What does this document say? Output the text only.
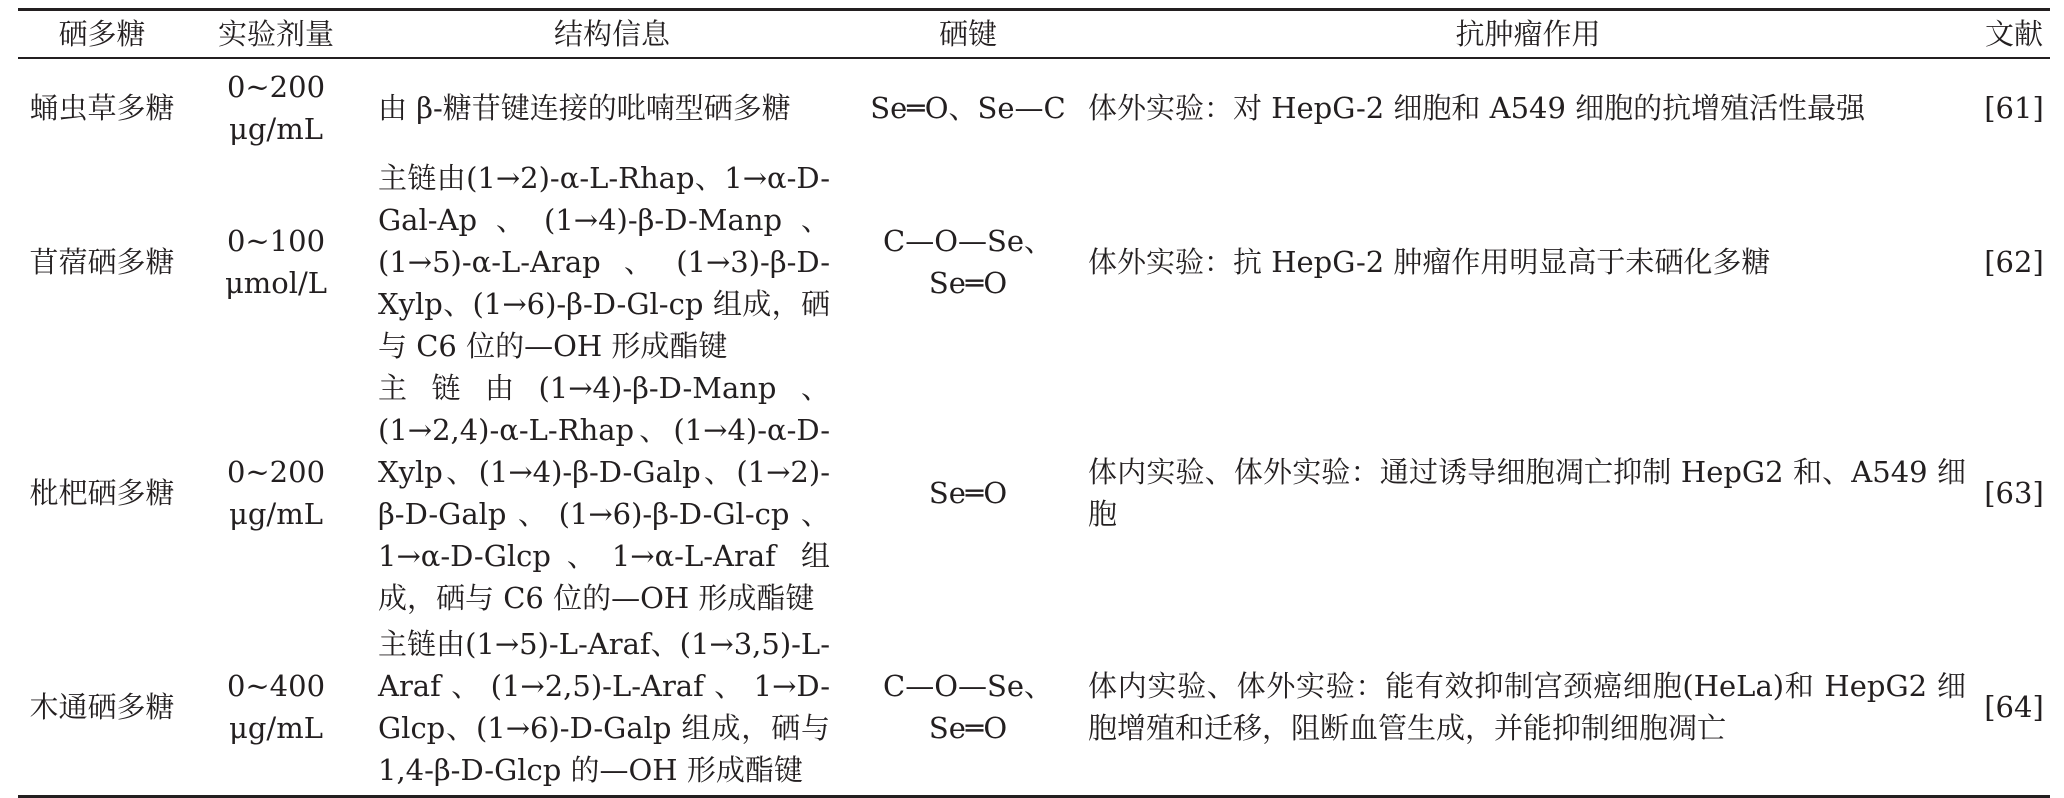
硒多糖	实验剂量	结构信息	硒键	抗肿瘤作用	文献
蛹虫草多糖	0~200 μg/mL	由 β-糖苷键连接的吡喃型硒多糖	Se═O、Se—C	体外实验：对 HepG-2 细胞和 A549 细胞的抗增殖活性最强	[61]
苜蓿硒多糖	0~100 μmol/L	主链由(1→2)-α-L-Rhap、1→α-D-Gal-Ap、(1→4)-β-D-Manp、(1→5)-α-L-Arap、(1→3)-β-D-Xylp、(1→6)-β-D-Gl-cp 组成，硒与 C6 位的—OH 形成酯键	C—O—Se、Se═O	体外实验：抗 HepG-2 肿瘤作用明显高于未硒化多糖	[62]
枇杷硒多糖	0~200 μg/mL	主链由(1→4)-β-D-Manp、(1→2,4)-α-L-Rhap、(1→4)-α-D-Xylp、(1→4)-β-D-Galp、(1→2)-β-D-Galp、(1→6)-β-D-Gl-cp、1→α-D-Glcp、1→α-L-Araf 组成，硒与 C6 位的—OH 形成酯键	Se═O	体内实验、体外实验：通过诱导细胞凋亡抑制 HepG2 和、A549 细胞	[63]
木通硒多糖	0~400 μg/mL	主链由(1→5)-L-Araf、(1→3,5)-L-Araf、(1→2,5)-L-Araf、1→D-Glcp、(1→6)-D-Galp 组成，硒与 1,4-β-D-Glcp 的—OH 形成酯键	C—O—Se、Se═O	体内实验、体外实验：能有效抑制宫颈癌细胞(HeLa)和 HepG2 细胞增殖和迁移，阻断血管生成，并能抑制细胞凋亡	[64]
